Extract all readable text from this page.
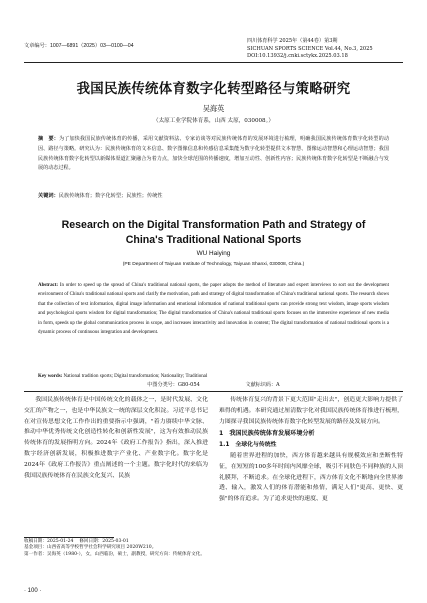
文章编号：1007—6891（2025）03—0100—04
四川体育科学 2025年（第44卷）第3期
SICHUAN SPORTS SCIENCE Vol.44, No.3, 2025
DOI:10.13932/j.cnki.sctykx.2025.03.18
我国民族传统体育数字化转型路径与策略研究
吴海英
（太原工业学院体育系，山西 太原，030008。）
摘　要：为了加快我国民族传统体育的传播，采用文献资料法、专家访谈等对民族传统体育的发展环境进行梳理，明确我国民族传统体育数字化转型的动因、路径与策略。研究认为：民族传统体育的文本信息、数字图像信息和传感信息采集能为数字化转型提供文本智慧、图像运动智慧和心理运动智慧；我国民族传统体育数字化转型以新媒体渠道汇聚融合为着力点，加快全球范围的传播速度，增加互动性、创新性内容；民族传统体育数字化转型是不断融合与发展的动态过程。
关键词：民族传统体育；数字化转型；民族性；传统性
Research on the Digital Transformation Path and Strategy of
China's Traditional National Sports
WU Haiying
(PE Department of Taiyuan Institute of Technology, Taiyuan Shanxi, 030008, China.)
Abstract: In order to speed up the spread of China's traditional national sports, the paper adopts the method of literature and expert interviews to sort out the development environment of China's traditional national sports and clarify the motivation, path and strategy of digital transformation of China's traditional national sports. The research shows that the collection of text information, digital image information and emotional information of national traditional sports can provide strong text wisdom, image sports wisdom and psychological sports wisdom for digital transformation; The digital transformation of China's national traditional sports focuses on the immersive experience of new media in form, speeds up the global communication process in scope, and increases interactivity and innovation in content; The digital transformation of national traditional sports is a dynamic process of continuous integration and development.
Key words: National tradition sports; Digital transformation; Nationality; Traditional
中图分类号：G80-054	文献标识码：A

我国民族传统体育是中国传统文化的载体之一，是时代发展、文化交汇的产物之一，也是中华民族文一统的深层文化积淀。习近平总书记在对宣传思想文化工作作出的重要指示中强调，"着力赓续中华文脉、推动中华优秀传统文化创造性转化和创新性发展"，这为有效推动民族传统体育的发展指明方向。2024年《政府工作报告》指出，深入推进数字经济创新发展，积极推进数字产业化、产业数字化。数字化是2024年《政府工作报告》重点阐述的一个主题。数字化时代的来临为我国民族传统体育在民族文化复兴、民族

传统体育复兴的背景下更大范围"走出去"，创造更大影响力提供了难得的机遇。本研究通过厘清数字化对我国民族传统体育推进行梳理，力图探寻我国民族传统体育数字化转型发展的路径及发展方向。

1　我国民族传统体育发展环境分析
1.1　全球化与传统性

随着世界进程的加快，西方体育越来越具有规模效应和垄断性特征，在短短的100多年时间内风靡全球，吸引不同肤色不同种族的人顶礼膜拜，不断追求。在全球化进程下，西方体育文化不断地向全世界渗透、输入，激发人们的体育潜能和热情，满足人们"更高、更快、更强"的体育追求。为了追求更快的速度、更

收稿日期：2025-01-24 修回日期：2025-03-01
基金项目：山西省高等学校哲学社会科学研究项目 2020W210。
第一作者：吴海英（1980-），女，山西临汾，硕士，副教授，研究方向：传统体育文化。
· 100 ·
